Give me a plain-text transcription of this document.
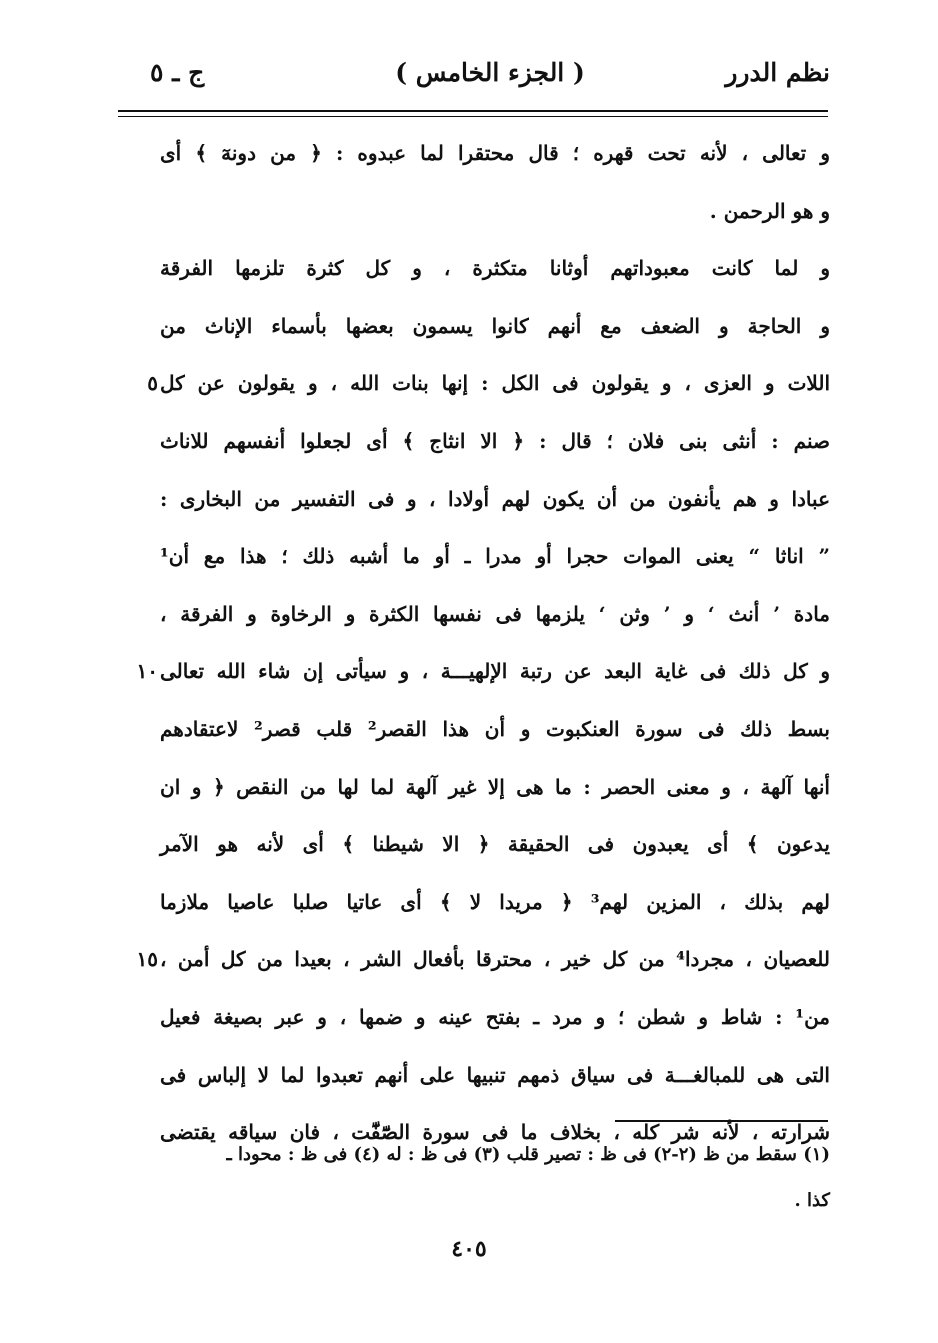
نظم الدرر
( الجزء الخامس )
ج ـ ٥
و تعالى ، لأنه تحت قهره ؛ قال محتقرا لما عبدوه : ﴿ من دونهٓ ﴾ أى
و هو الرحمن .
و لما كانت معبوداتهم أوثانا متكثرة ، و كل كثرة تلزمها الفرقة
و الحاجة و الضعف مع أنهم كانوا يسمون بعضها بأسماء الإناث من
اللات و العزى ، و يقولون فى الكل : إنها بنات الله ، و يقولون عن كل
٥
صنم : أنثى بنى فلان ؛ قال : ﴿ الا انثاج ﴾ أى لجعلوا أنفسهم للاناث
عبادا و هم يأنفون من أن يكون لهم أولادا ، و فى التفسير من البخارى :
” اناثا “ يعنى الموات حجرا أو مدرا ـ أو ما أشبه ذلك ؛ هذا مع أن¹
مادة ’ أنث ‘ و ’ وثن ‘ يلزمها فى نفسها الكثرة و الرخاوة و الفرقة ،
و كل ذلك فى غاية البعد عن رتبة الإلهيـــة ، و سيأتى إن شاء الله تعالى
١٠
بسط ذلك فى سورة العنكبوت و أن هذا القصر² قلب قصر² لاعتقادهم
أنها آلهة ، و معنى الحصر : ما هى إلا غير آلهة لما لها من النقص ﴿ و ان
يدعون ﴾ أى يعبدون فى الحقيقة ﴿ الا شيطنا ﴾ أى لأنه هو الآمر
لهم بذلك ، المزين لهم³ ﴿ مريدا لا ﴾ أى عاتيا صلبا عاصيا ملازما
للعصيان ، مجردا⁴ من كل خير ، محترقا بأفعال الشر ، بعيدا من كل أمن ،
١٥
من¹ : شاط و شطن ؛ و مرد ـ بفتح عينه و ضمها ، و عبر بصيغة فعيل
التى هى للمبالغـــة فى سياق ذمهم تنبيها على أنهم تعبدوا لما لا إلباس فى
شرارته ، لأنه شر كله ، بخلاف ما فى سورة الصّٓفّٓت ، فان سياقه يقتضى
(١) سقط من ظ (٢-٢) فى ظ : تصير قلب (٣) فى ظ : له (٤) فى ظ : محودا ـ
كذا .
٤٠٥
